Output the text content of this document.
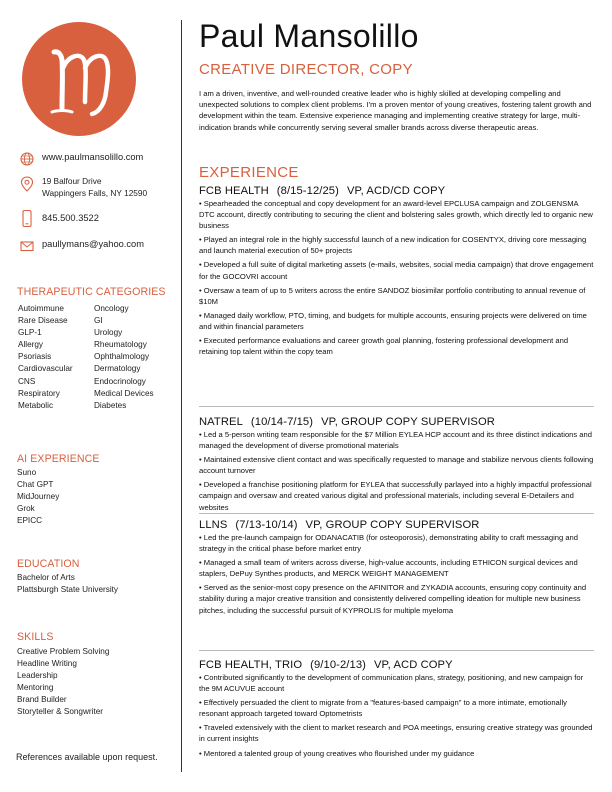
www.paulmansolillo.com
19 Balfour Drive
Wappingers Falls, NY 12590
845.500.3522
paullymans@yahoo.com
THERAPEUTIC CATEGORIES
Autoimmune	Oncology
Rare Disease	GI
GLP-1	Urology
Allergy	Rheumatology
Psoriasis	Ophthalmology
Cardiovascular	Dermatology
CNS	Endocrinology
Respiratory	Medical Devices
Metabolic	Diabetes
AI EXPERIENCE
Suno
Chat GPT
MidJourney
Grok
EPICC
EDUCATION
Bachelor of Arts
Plattsburgh State University
SKILLS
Creative Problem Solving
Headline Writing
Leadership
Mentoring
Brand Builder
Storyteller & Songwriter
References available upon request.
Paul Mansolillo
CREATIVE DIRECTOR, COPY
I am a driven, inventive, and well-rounded creative leader who is highly skilled at developing compelling and unexpected solutions to complex client problems. I'm a proven mentor of young creatives, fostering talent growth and development within the team. Extensive experience managing and implementing creative strategy for large, multi-indication brands while concurrently serving several smaller brands across diverse therapeutic areas.
EXPERIENCE
FCB HEALTH (8/15-12/25) VP, ACD/CD COPY
• Spearheaded the conceptual and copy development for an award-level EPCLUSA campaign and ZOLGENSMA DTC account, directly contributing to securing the client and bolstering sales growth, which directly led to organic new business
• Played an integral role in the highly successful launch of a new indication for COSENTYX, driving core messaging and launch material execution of 50+ projects
• Developed a full suite of digital marketing assets (e-mails, websites, social media campaign) that drove engagement for the GOCOVRI account
• Oversaw a team of up to 5 writers across the entire SANDOZ biosimilar portfolio contributing to annual revenue of $10M
• Managed daily workflow, PTO, timing, and budgets for multiple accounts, ensuring projects were delivered on time and within financial parameters
• Executed performance evaluations and career growth goal planning, fostering professional development and retaining top talent within the copy team
NATREL (10/14-7/15) VP, GROUP COPY SUPERVISOR
• Led a 5-person writing team responsible for the $7 Million EYLEA HCP account and its three distinct indications and managed the development of diverse promotional materials
• Maintained extensive client contact and was specifically requested to manage and stabilize nervous clients following account turnover
• Developed a franchise positioning platform for EYLEA that successfully parlayed into a highly impactful professional campaign and oversaw and created various digital and professional materials, including several E-Detailers and websites
LLNS (7/13-10/14) VP, GROUP COPY SUPERVISOR
• Led the pre-launch campaign for ODANACATIB (for osteoporosis), demonstrating ability to craft messaging and strategy in the critical phase before market entry
• Managed a small team of writers across diverse, high-value accounts, including ETHICON surgical devices and staplers, DePuy Synthes products, and MERCK WEIGHT MANAGEMENT
• Served as the senior-most copy presence on the AFINITOR and ZYKADIA accounts, ensuring copy continuity and stability during a major creative transition and consistently delivered compelling ideation for multiple new business pitches, including the successful pursuit of KYPROLIS for multiple myeloma
FCB HEALTH, TRIO (9/10-2/13) VP, ACD COPY
• Contributed significantly to the development of communication plans, strategy, positioning, and new campaign for the 9M ACUVUE account
• Effectively persuaded the client to migrate from a "features-based campaign" to a more intimate, emotionally resonant approach targeted toward Optometrists
• Traveled extensively with the client to market research and POA meetings, ensuring creative strategy was grounded in current insights
• Mentored a talented group of young creatives who flourished under my guidance
